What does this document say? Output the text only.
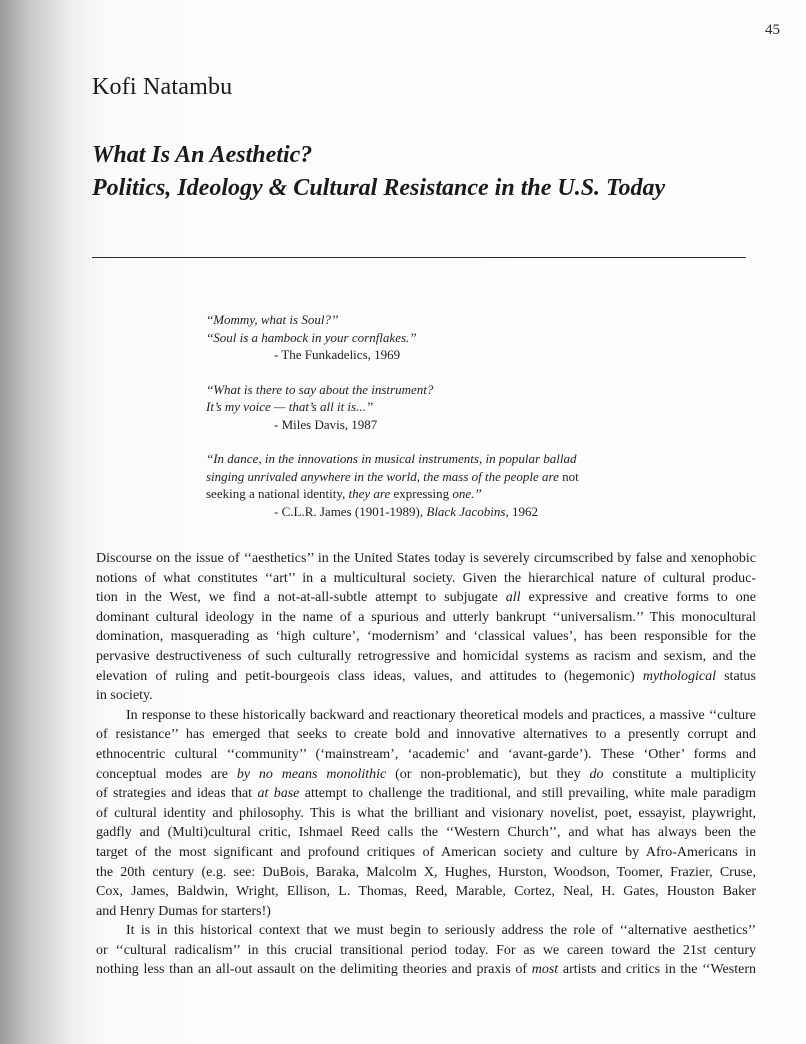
45
Kofi Natambu
What Is An Aesthetic?
Politics, Ideology & Cultural Resistance in the U.S. Today
‘‘Mommy, what is Soul?’’
‘‘Soul is a hambock in your cornflakes.’’
- The Funkadelics, 1969
‘‘What is there to say about the instrument?
It’s my voice — that’s all it is...’’
- Miles Davis, 1987
‘‘In dance, in the innovations in musical instruments, in popular ballad
singing unrivaled anywhere in the world, the mass of the people are not
seeking a national identity, they are expressing one.’’
- C.L.R. James (1901-1989), Black Jacobins, 1962

Discourse on the issue of ‘‘aesthetics’’ in the United States today is severely circumscribed by false and xenophobic
notions of what constitutes ‘‘art’’ in a multicultural society. Given the hierarchical nature of cultural produc-
tion in the West, we find a not-at-all-subtle attempt to subjugate all expressive and creative forms to one
dominant cultural ideology in the name of a spurious and utterly bankrupt ‘‘universalism.’’ This monocultural
domination, masquerading as ‘high culture’, ‘modernism’ and ‘classical values’, has been responsible for the
pervasive destructiveness of such culturally retrogressive and homicidal systems as racism and sexism, and the
elevation of ruling and petit-bourgeois class ideas, values, and attitudes to (hegemonic) mythological status
in society.

In response to these historically backward and reactionary theoretical models and practices, a massive ‘‘culture
of resistance’’ has emerged that seeks to create bold and innovative alternatives to a presently corrupt and
ethnocentric cultural ‘‘community’’ (‘mainstream’, ‘academic’ and ‘avant-garde’). These ‘Other’ forms and
conceptual modes are by no means monolithic (or non-problematic), but they do constitute a multiplicity
of strategies and ideas that at base attempt to challenge the traditional, and still prevailing, white male paradigm
of cultural identity and philosophy. This is what the brilliant and visionary novelist, poet, essayist, playwright,
gadfly and (Multi)cultural critic, Ishmael Reed calls the ‘‘Western Church’’, and what has always been the
target of the most significant and profound critiques of American society and culture by Afro-Americans in
the 20th century (e.g. see: DuBois, Baraka, Malcolm X, Hughes, Hurston, Woodson, Toomer, Frazier, Cruse,
Cox, James, Baldwin, Wright, Ellison, L. Thomas, Reed, Marable, Cortez, Neal, H. Gates, Houston Baker
and Henry Dumas for starters!)

It is in this historical context that we must begin to seriously address the role of ‘‘alternative aesthetics’’
or ‘‘cultural radicalism’’ in this crucial transitional period today. For as we careen toward the 21st century
nothing less than an all-out assault on the delimiting theories and praxis of most artists and critics in the ‘‘Western
